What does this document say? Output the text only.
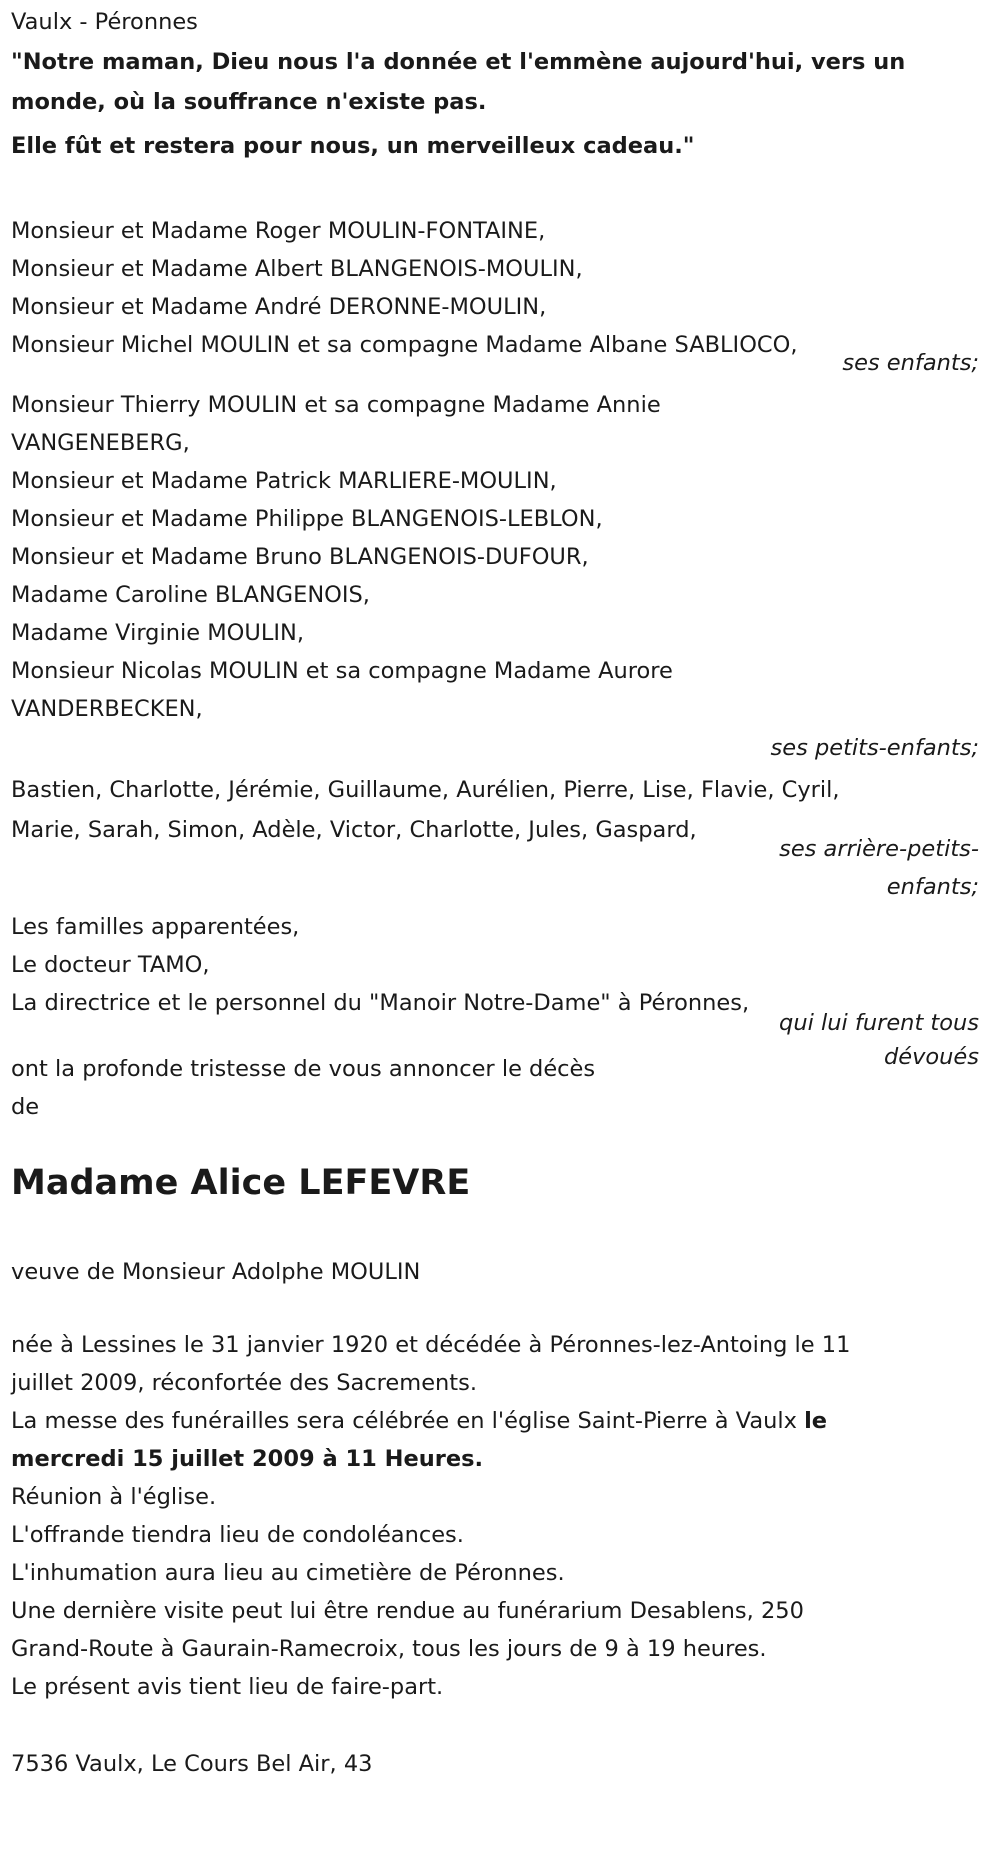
Vaulx - Péronnes
"Notre maman, Dieu nous l'a donnée et l'emmène aujourd'hui, vers un
monde, où la souffrance n'existe pas.
Elle fût et restera pour nous, un merveilleux cadeau."
Monsieur et Madame Roger MOULIN-FONTAINE,
Monsieur et Madame Albert BLANGENOIS-MOULIN,
Monsieur et Madame André DERONNE-MOULIN,
Monsieur Michel MOULIN et sa compagne Madame Albane SABLIOCO,
ses enfants;
Monsieur Thierry MOULIN et sa compagne Madame Annie
VANGENEBERG,
Monsieur et Madame Patrick MARLIERE-MOULIN,
Monsieur et Madame Philippe BLANGENOIS-LEBLON,
Monsieur et Madame Bruno BLANGENOIS-DUFOUR,
Madame Caroline BLANGENOIS,
Madame Virginie MOULIN,
Monsieur Nicolas MOULIN et sa compagne Madame Aurore
VANDERBECKEN,
ses petits-enfants;
Bastien, Charlotte, Jérémie, Guillaume, Aurélien, Pierre, Lise, Flavie, Cyril,
Marie, Sarah, Simon, Adèle, Victor, Charlotte, Jules, Gaspard,
ses arrière-petits-
enfants;
Les familles apparentées,
Le docteur TAMO,
La directrice et le personnel du "Manoir Notre-Dame" à Péronnes,
qui lui furent tous
dévoués
ont la profonde tristesse de vous annoncer le décès
de
Madame Alice LEFEVRE
veuve de Monsieur Adolphe MOULIN
née à Lessines le 31 janvier 1920 et décédée à Péronnes-lez-Antoing le 11
juillet 2009, réconfortée des Sacrements.
La messe des funérailles sera célébrée en l'église Saint-Pierre à Vaulx le
mercredi 15 juillet 2009 à 11 Heures.
Réunion à l'église.
L'offrande tiendra lieu de condoléances.
L'inhumation aura lieu au cimetière de Péronnes.
Une dernière visite peut lui être rendue au funérarium Desablens, 250
Grand-Route à Gaurain-Ramecroix, tous les jours de 9 à 19 heures.
Le présent avis tient lieu de faire-part.
7536 Vaulx, Le Cours Bel Air, 43
